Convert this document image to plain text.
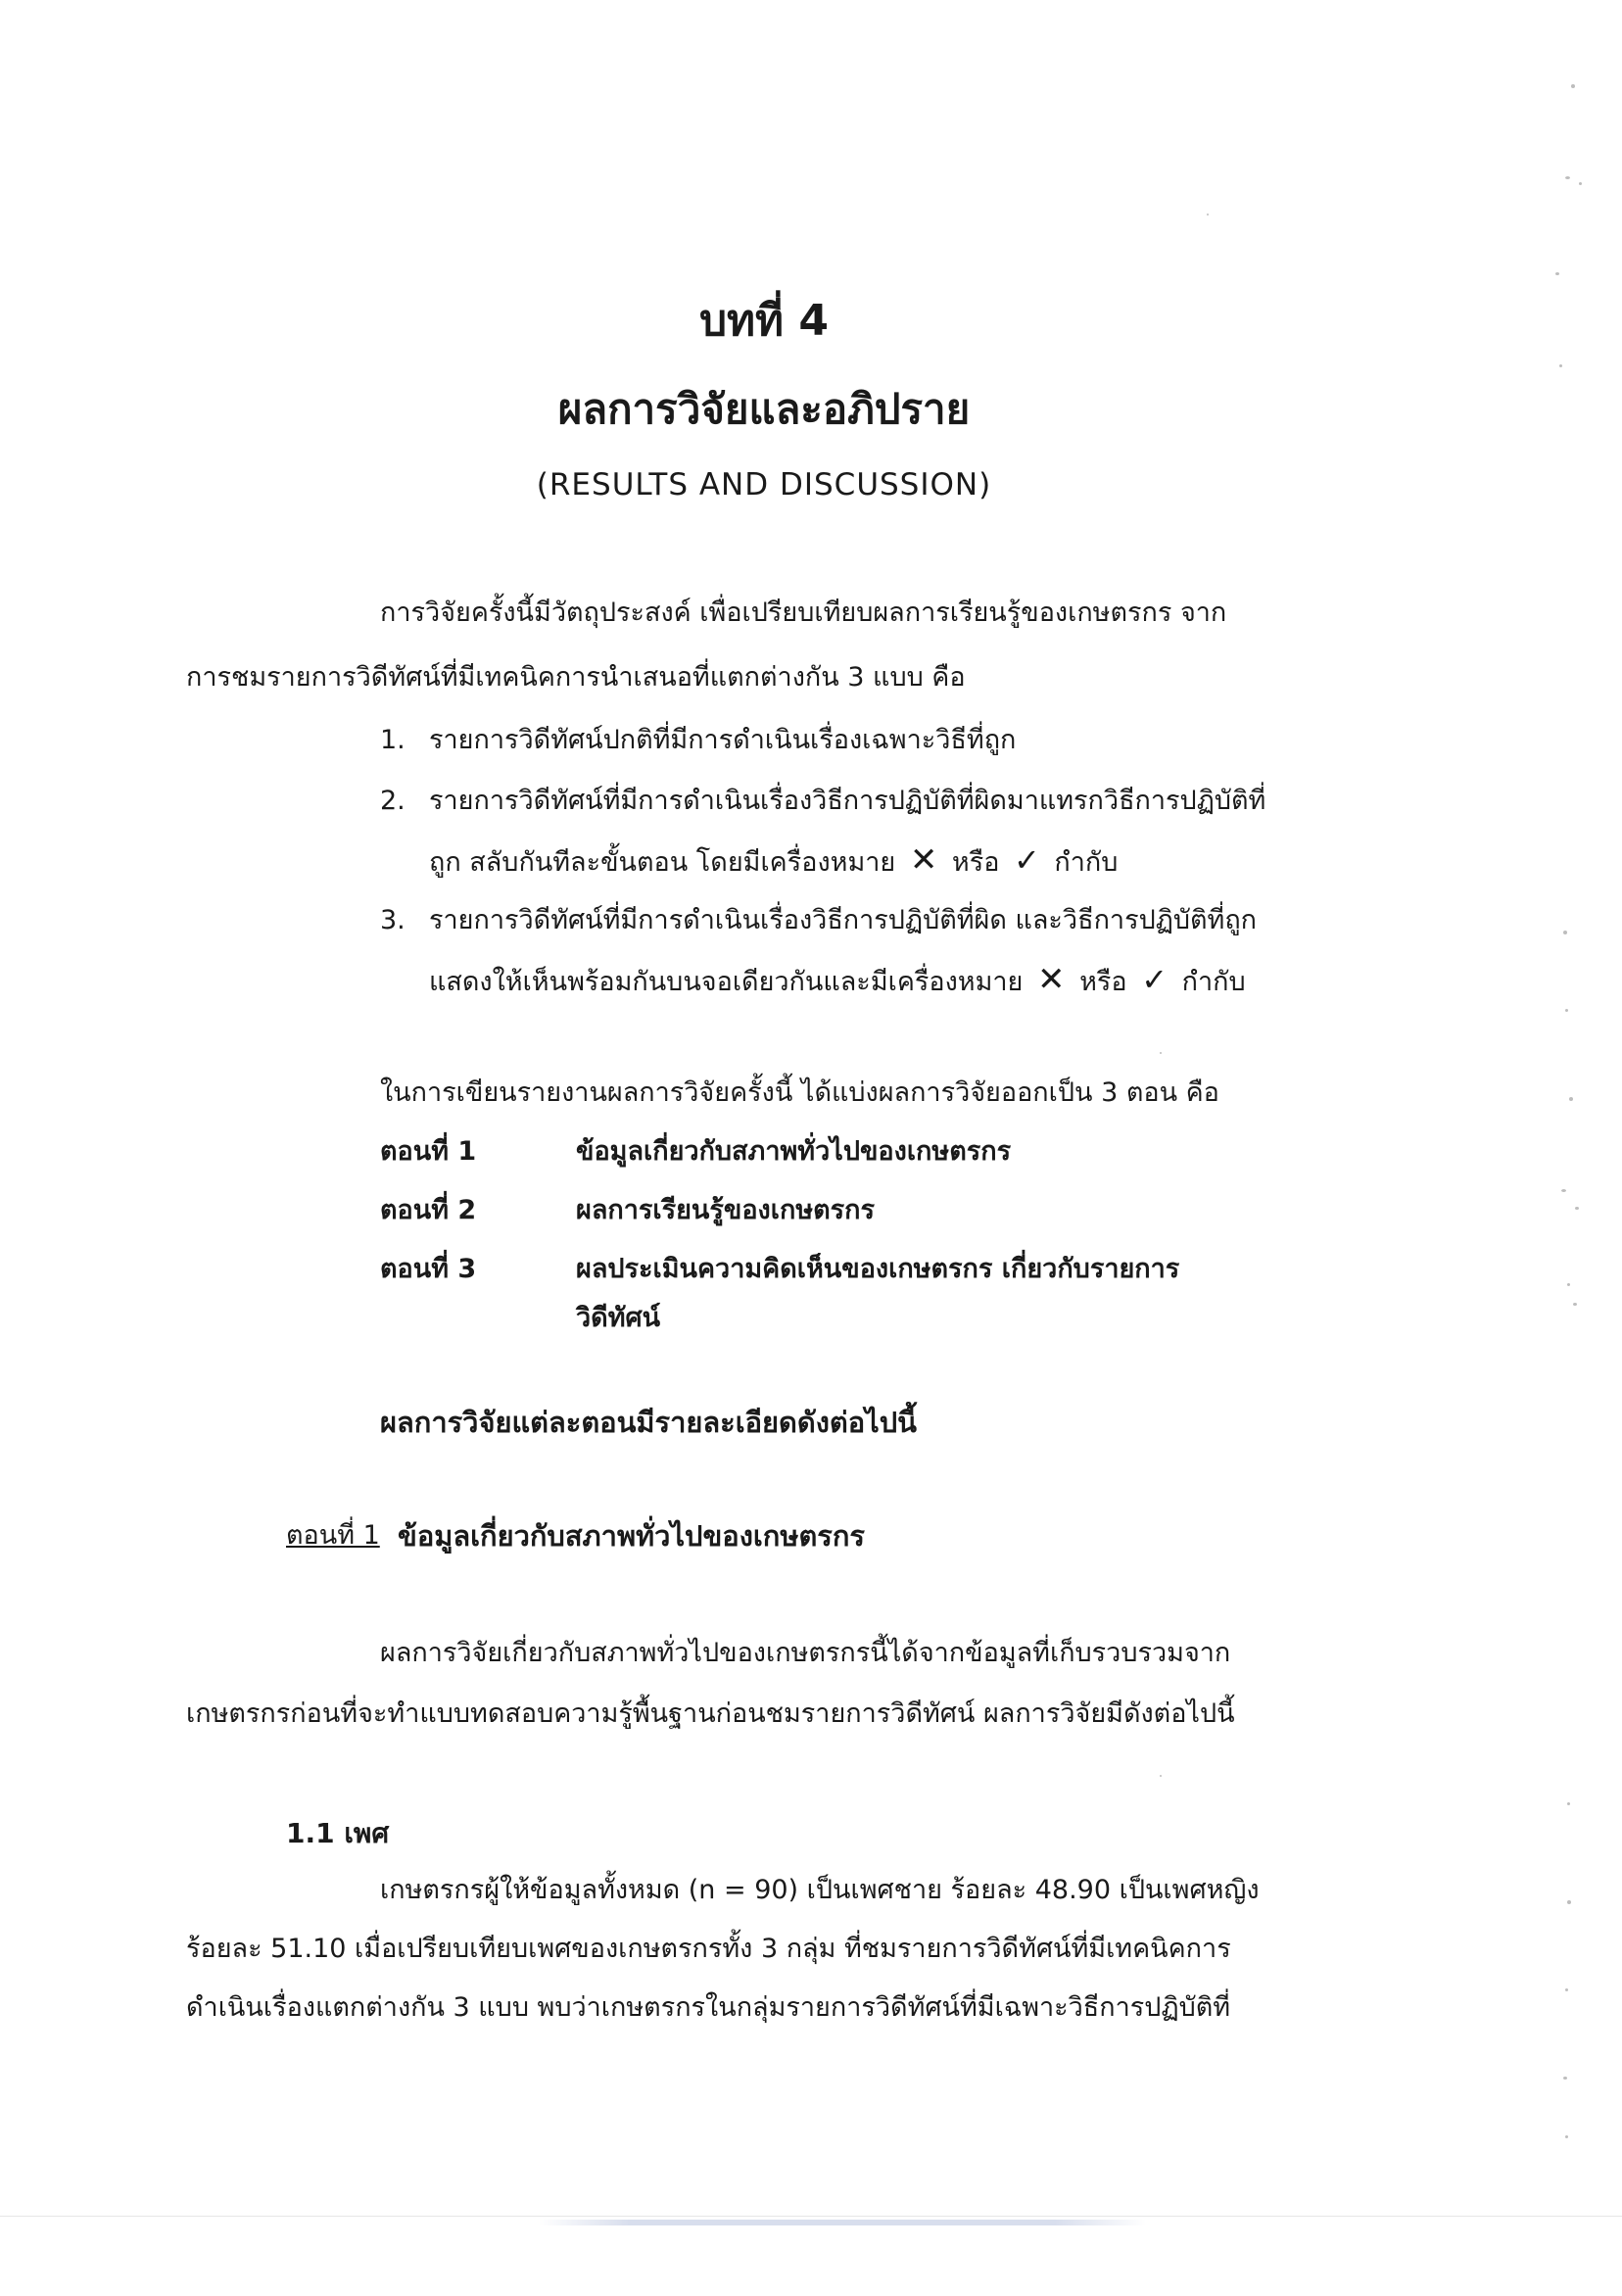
บทที่ 4
ผลการวิจัยและอภิปราย
(RESULTS AND DISCUSSION)
การวิจัยครั้งนี้มีวัตถุประสงค์ เพื่อเปรียบเทียบผลการเรียนรู้ของเกษตรกร จาก
การชมรายการวิดีทัศน์ที่มีเทคนิคการนำเสนอที่แตกต่างกัน 3 แบบ คือ
1. รายการวิดีทัศน์ปกติที่มีการดำเนินเรื่องเฉพาะวิธีที่ถูก
2. รายการวิดีทัศน์ที่มีการดำเนินเรื่องวิธีการปฏิบัติที่ผิดมาแทรกวิธีการปฏิบัติที่
ถูก สลับกันทีละขั้นตอน โดยมีเครื่องหมาย ✕ หรือ ✓ กำกับ
3. รายการวิดีทัศน์ที่มีการดำเนินเรื่องวิธีการปฏิบัติที่ผิด และวิธีการปฏิบัติที่ถูก
แสดงให้เห็นพร้อมกันบนจอเดียวกันและมีเครื่องหมาย ✕ หรือ ✓ กำกับ
ในการเขียนรายงานผลการวิจัยครั้งนี้ ได้แบ่งผลการวิจัยออกเป็น 3 ตอน คือ
ตอนที่ 1	ข้อมูลเกี่ยวกับสภาพทั่วไปของเกษตรกร
ตอนที่ 2	ผลการเรียนรู้ของเกษตรกร
ตอนที่ 3	ผลประเมินความคิดเห็นของเกษตรกร เกี่ยวกับรายการ
วิดีทัศน์
ผลการวิจัยแต่ละตอนมีรายละเอียดดังต่อไปนี้
ตอนที่ 1 ข้อมูลเกี่ยวกับสภาพทั่วไปของเกษตรกร
ผลการวิจัยเกี่ยวกับสภาพทั่วไปของเกษตรกรนี้ได้จากข้อมูลที่เก็บรวบรวมจาก
เกษตรกรก่อนที่จะทำแบบทดสอบความรู้พื้นฐานก่อนชมรายการวิดีทัศน์ ผลการวิจัยมีดังต่อไปนี้
1.1 เพศ
เกษตรกรผู้ให้ข้อมูลทั้งหมด (n = 90) เป็นเพศชาย ร้อยละ 48.90 เป็นเพศหญิง
ร้อยละ 51.10 เมื่อเปรียบเทียบเพศของเกษตรกรทั้ง 3 กลุ่ม ที่ชมรายการวิดีทัศน์ที่มีเทคนิคการ
ดำเนินเรื่องแตกต่างกัน 3 แบบ พบว่าเกษตรกรในกลุ่มรายการวิดีทัศน์ที่มีเฉพาะวิธีการปฏิบัติที่
